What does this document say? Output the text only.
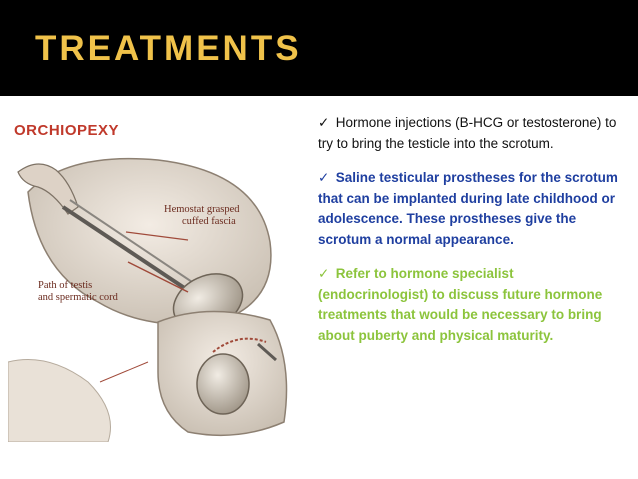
TREATMENTS
ORCHIOPEXY
Hemostat grasped
cuffed fascia
Path of testis
and spermatic cord
✓ Hormone injections (B-HCG or testosterone) to try to bring the testicle into the scrotum.
✓ Saline testicular prostheses for the scrotum that can be implanted during late childhood or adolescence. These prostheses give the scrotum a normal appearance.
✓ Refer to hormone specialist (endocrinologist) to discuss future hormone treatments that would be necessary to bring about puberty and physical maturity.
